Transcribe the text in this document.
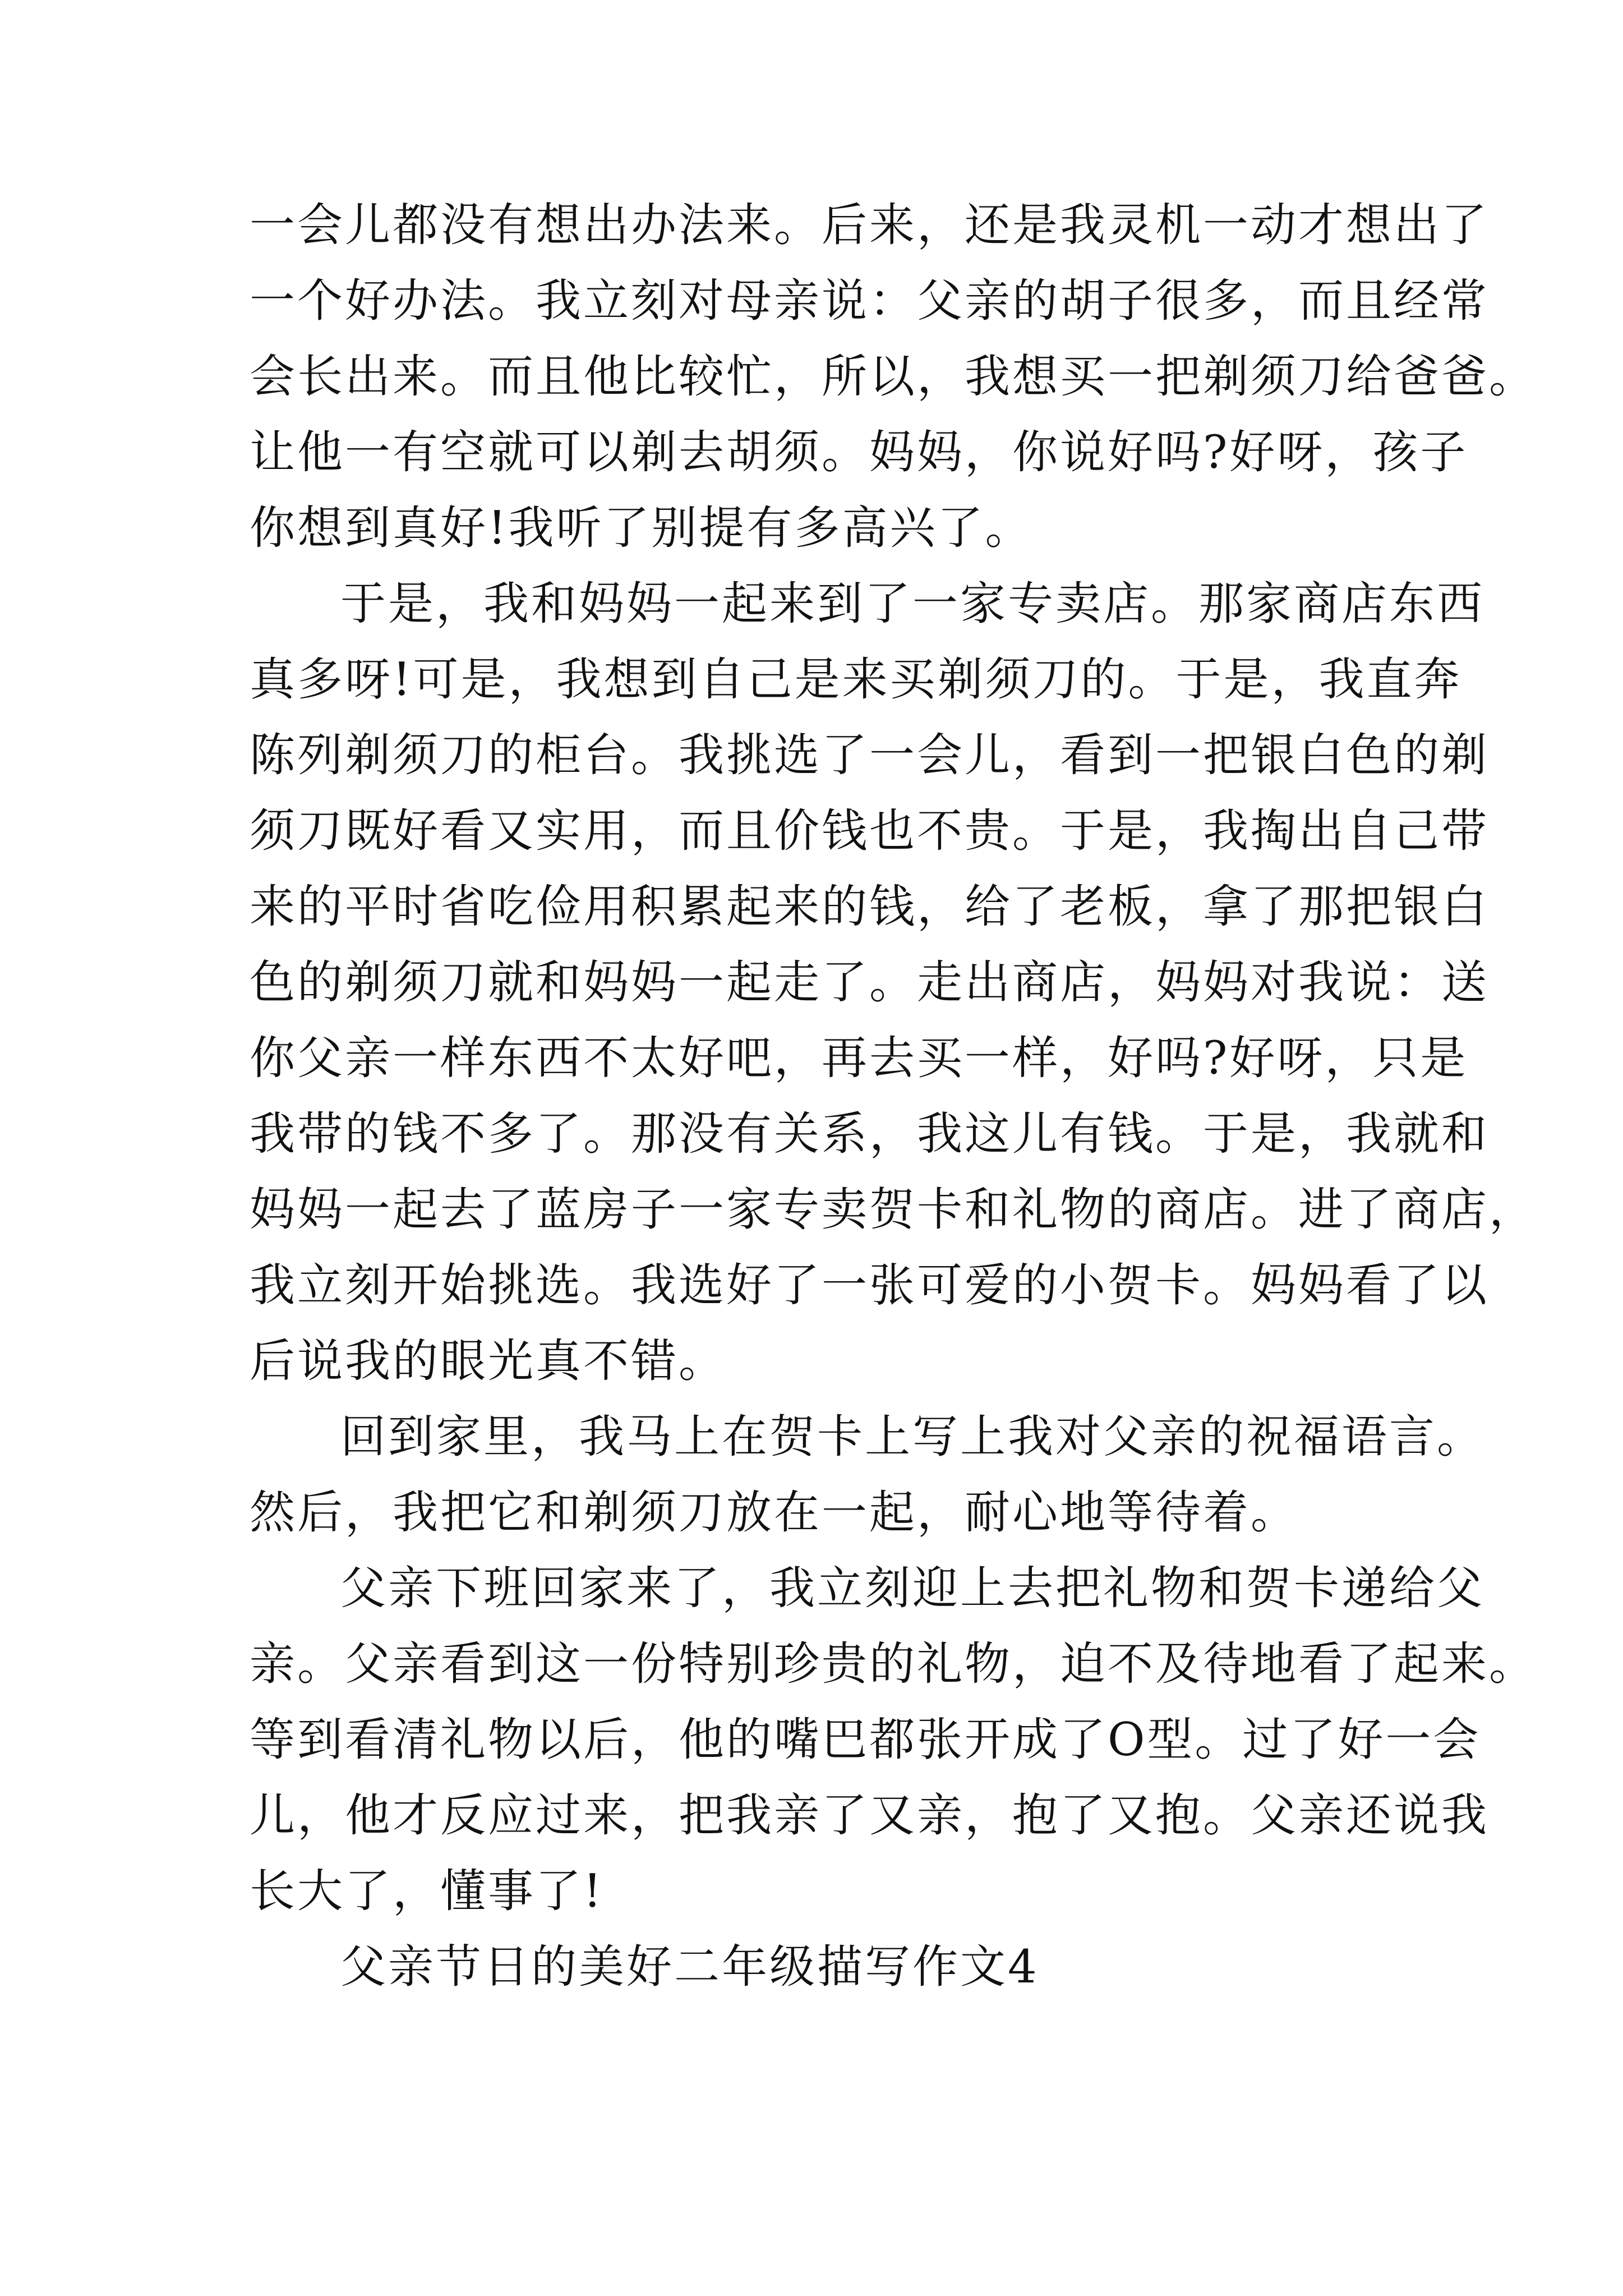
一会儿都没有想出办法来。后来，还是我灵机一动才想出了
一个好办法。我立刻对母亲说：父亲的胡子很多，而且经常
会长出来。而且他比较忙，所以，我想买一把剃须刀给爸爸。
让他一有空就可以剃去胡须。妈妈，你说好吗?好呀，孩子
你想到真好!我听了别提有多高兴了。
于是，我和妈妈一起来到了一家专卖店。那家商店东西
真多呀!可是，我想到自己是来买剃须刀的。于是，我直奔
陈列剃须刀的柜台。我挑选了一会儿，看到一把银白色的剃
须刀既好看又实用，而且价钱也不贵。于是，我掏出自己带
来的平时省吃俭用积累起来的钱，给了老板，拿了那把银白
色的剃须刀就和妈妈一起走了。走出商店，妈妈对我说：送
你父亲一样东西不太好吧，再去买一样，好吗?好呀，只是
我带的钱不多了。那没有关系，我这儿有钱。于是，我就和
妈妈一起去了蓝房子一家专卖贺卡和礼物的商店。进了商店，
我立刻开始挑选。我选好了一张可爱的小贺卡。妈妈看了以
后说我的眼光真不错。
回到家里，我马上在贺卡上写上我对父亲的祝福语言。
然后，我把它和剃须刀放在一起，耐心地等待着。
父亲下班回家来了，我立刻迎上去把礼物和贺卡递给父
亲。父亲看到这一份特别珍贵的礼物，迫不及待地看了起来。
等到看清礼物以后，他的嘴巴都张开成了O型。过了好一会
儿，他才反应过来，把我亲了又亲，抱了又抱。父亲还说我
长大了，懂事了!
父亲节日的美好二年级描写作文4
